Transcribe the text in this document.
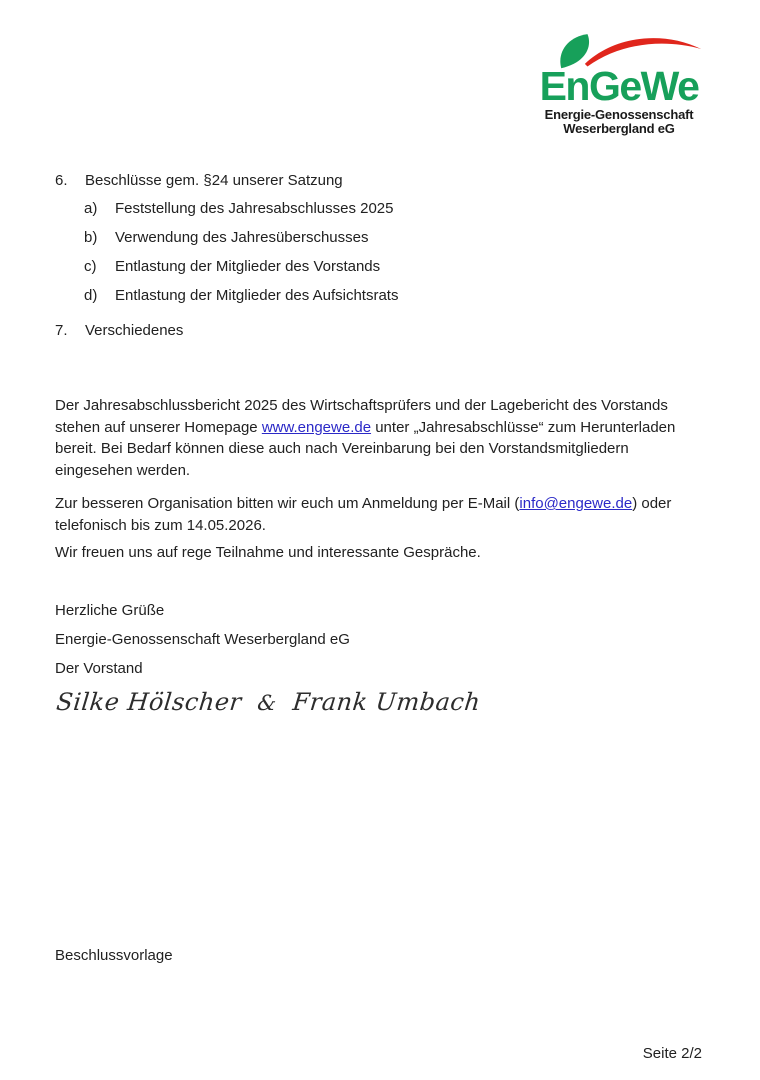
EnGeWe
Energie-Genossenschaft
Weserbergland eG
6. Beschlüsse gem. §24 unserer Satzung
a) Feststellung des Jahresabschlusses 2025
b) Verwendung des Jahresüberschusses
c) Entlastung der Mitglieder des Vorstands
d) Entlastung der Mitglieder des Aufsichtsrats
7. Verschiedenes

Der Jahresabschlussbericht 2025 des Wirtschaftsprüfers und der Lagebericht des Vorstands stehen auf unserer Homepage www.engewe.de unter „Jahresabschlüsse“ zum Herunterladen bereit. Bei Bedarf können diese auch nach Vereinbarung bei den Vorstandsmitgliedern eingesehen werden.

Zur besseren Organisation bitten wir euch um Anmeldung per E-Mail (info@engewe.de) oder telefonisch bis zum 14.05.2026.

Wir freuen uns auf rege Teilnahme und interessante Gespräche.

Herzliche Grüße
Energie-Genossenschaft Weserbergland eG
Der Vorstand
Silke Hölscher & Frank Umbach
Beschlussvorlage
Seite 2/2
